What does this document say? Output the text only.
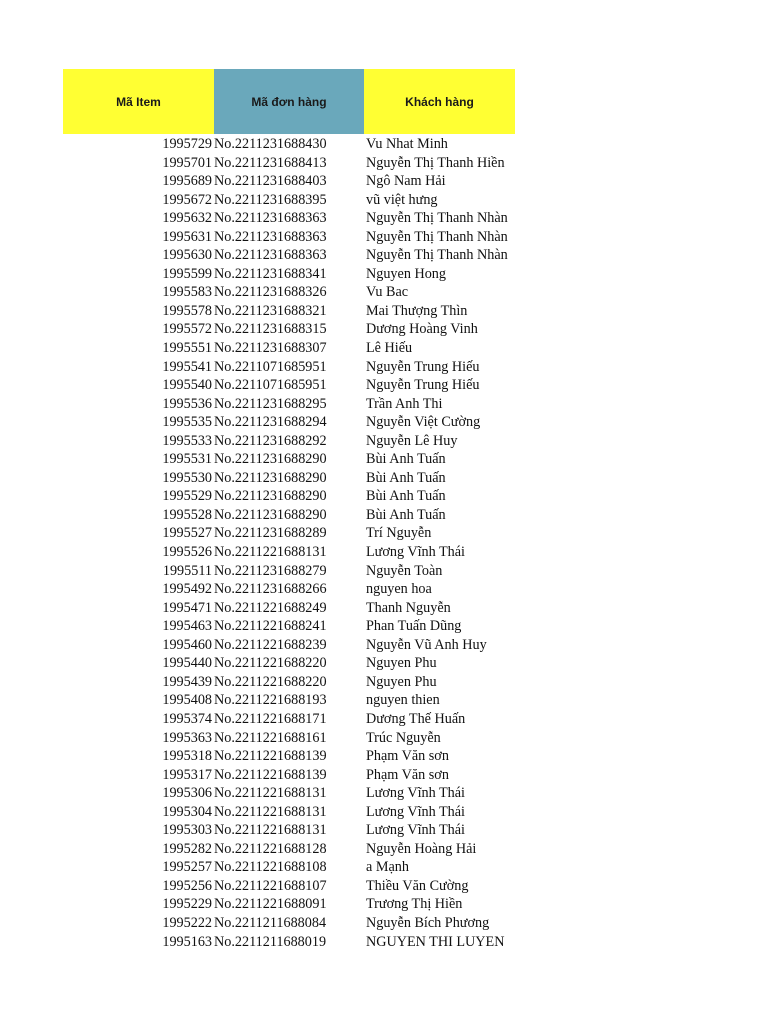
Mã Item	Mã đơn hàng	Khách hàng
1995729 No.2211231688430	Vu Nhat Minh
1995701 No.2211231688413	Nguyễn Thị Thanh Hiền
1995689 No.2211231688403	Ngô Nam Hải
1995672 No.2211231688395	vũ việt hưng
1995632 No.2211231688363	Nguyễn Thị Thanh Nhàn
1995631 No.2211231688363	Nguyễn Thị Thanh Nhàn
1995630 No.2211231688363	Nguyễn Thị Thanh Nhàn
1995599 No.2211231688341	Nguyen Hong
1995583 No.2211231688326	Vu Bac
1995578 No.2211231688321	Mai Thượng Thìn
1995572 No.2211231688315	Dương Hoàng Vinh
1995551 No.2211231688307	Lê Hiếu
1995541 No.2211071685951	Nguyễn Trung Hiếu
1995540 No.2211071685951	Nguyễn Trung Hiếu
1995536 No.2211231688295	Trần Anh Thi
1995535 No.2211231688294	Nguyễn Việt Cường
1995533 No.2211231688292	Nguyễn Lê Huy
1995531 No.2211231688290	Bùi Anh Tuấn
1995530 No.2211231688290	Bùi Anh Tuấn
1995529 No.2211231688290	Bùi Anh Tuấn
1995528 No.2211231688290	Bùi Anh Tuấn
1995527 No.2211231688289	Trí Nguyễn
1995526 No.2211221688131	Lương Vĩnh Thái
1995511 No.2211231688279	Nguyễn Toàn
1995492 No.2211231688266	nguyen hoa
1995471 No.2211221688249	Thanh Nguyễn
1995463 No.2211221688241	Phan Tuấn Dũng
1995460 No.2211221688239	Nguyễn Vũ Anh Huy
1995440 No.2211221688220	Nguyen Phu
1995439 No.2211221688220	Nguyen Phu
1995408 No.2211221688193	nguyen thien
1995374 No.2211221688171	Dương Thế Huấn
1995363 No.2211221688161	Trúc Nguyễn
1995318 No.2211221688139	Phạm Văn sơn
1995317 No.2211221688139	Phạm Văn sơn
1995306 No.2211221688131	Lương Vĩnh Thái
1995304 No.2211221688131	Lương Vĩnh Thái
1995303 No.2211221688131	Lương Vĩnh Thái
1995282 No.2211221688128	Nguyễn Hoàng Hải
1995257 No.2211221688108	a Mạnh
1995256 No.2211221688107	Thiều Văn Cường
1995229 No.2211221688091	Trương Thị Hiền
1995222 No.2211211688084	Nguyễn Bích Phương
1995163 No.2211211688019	NGUYEN THI LUYEN
